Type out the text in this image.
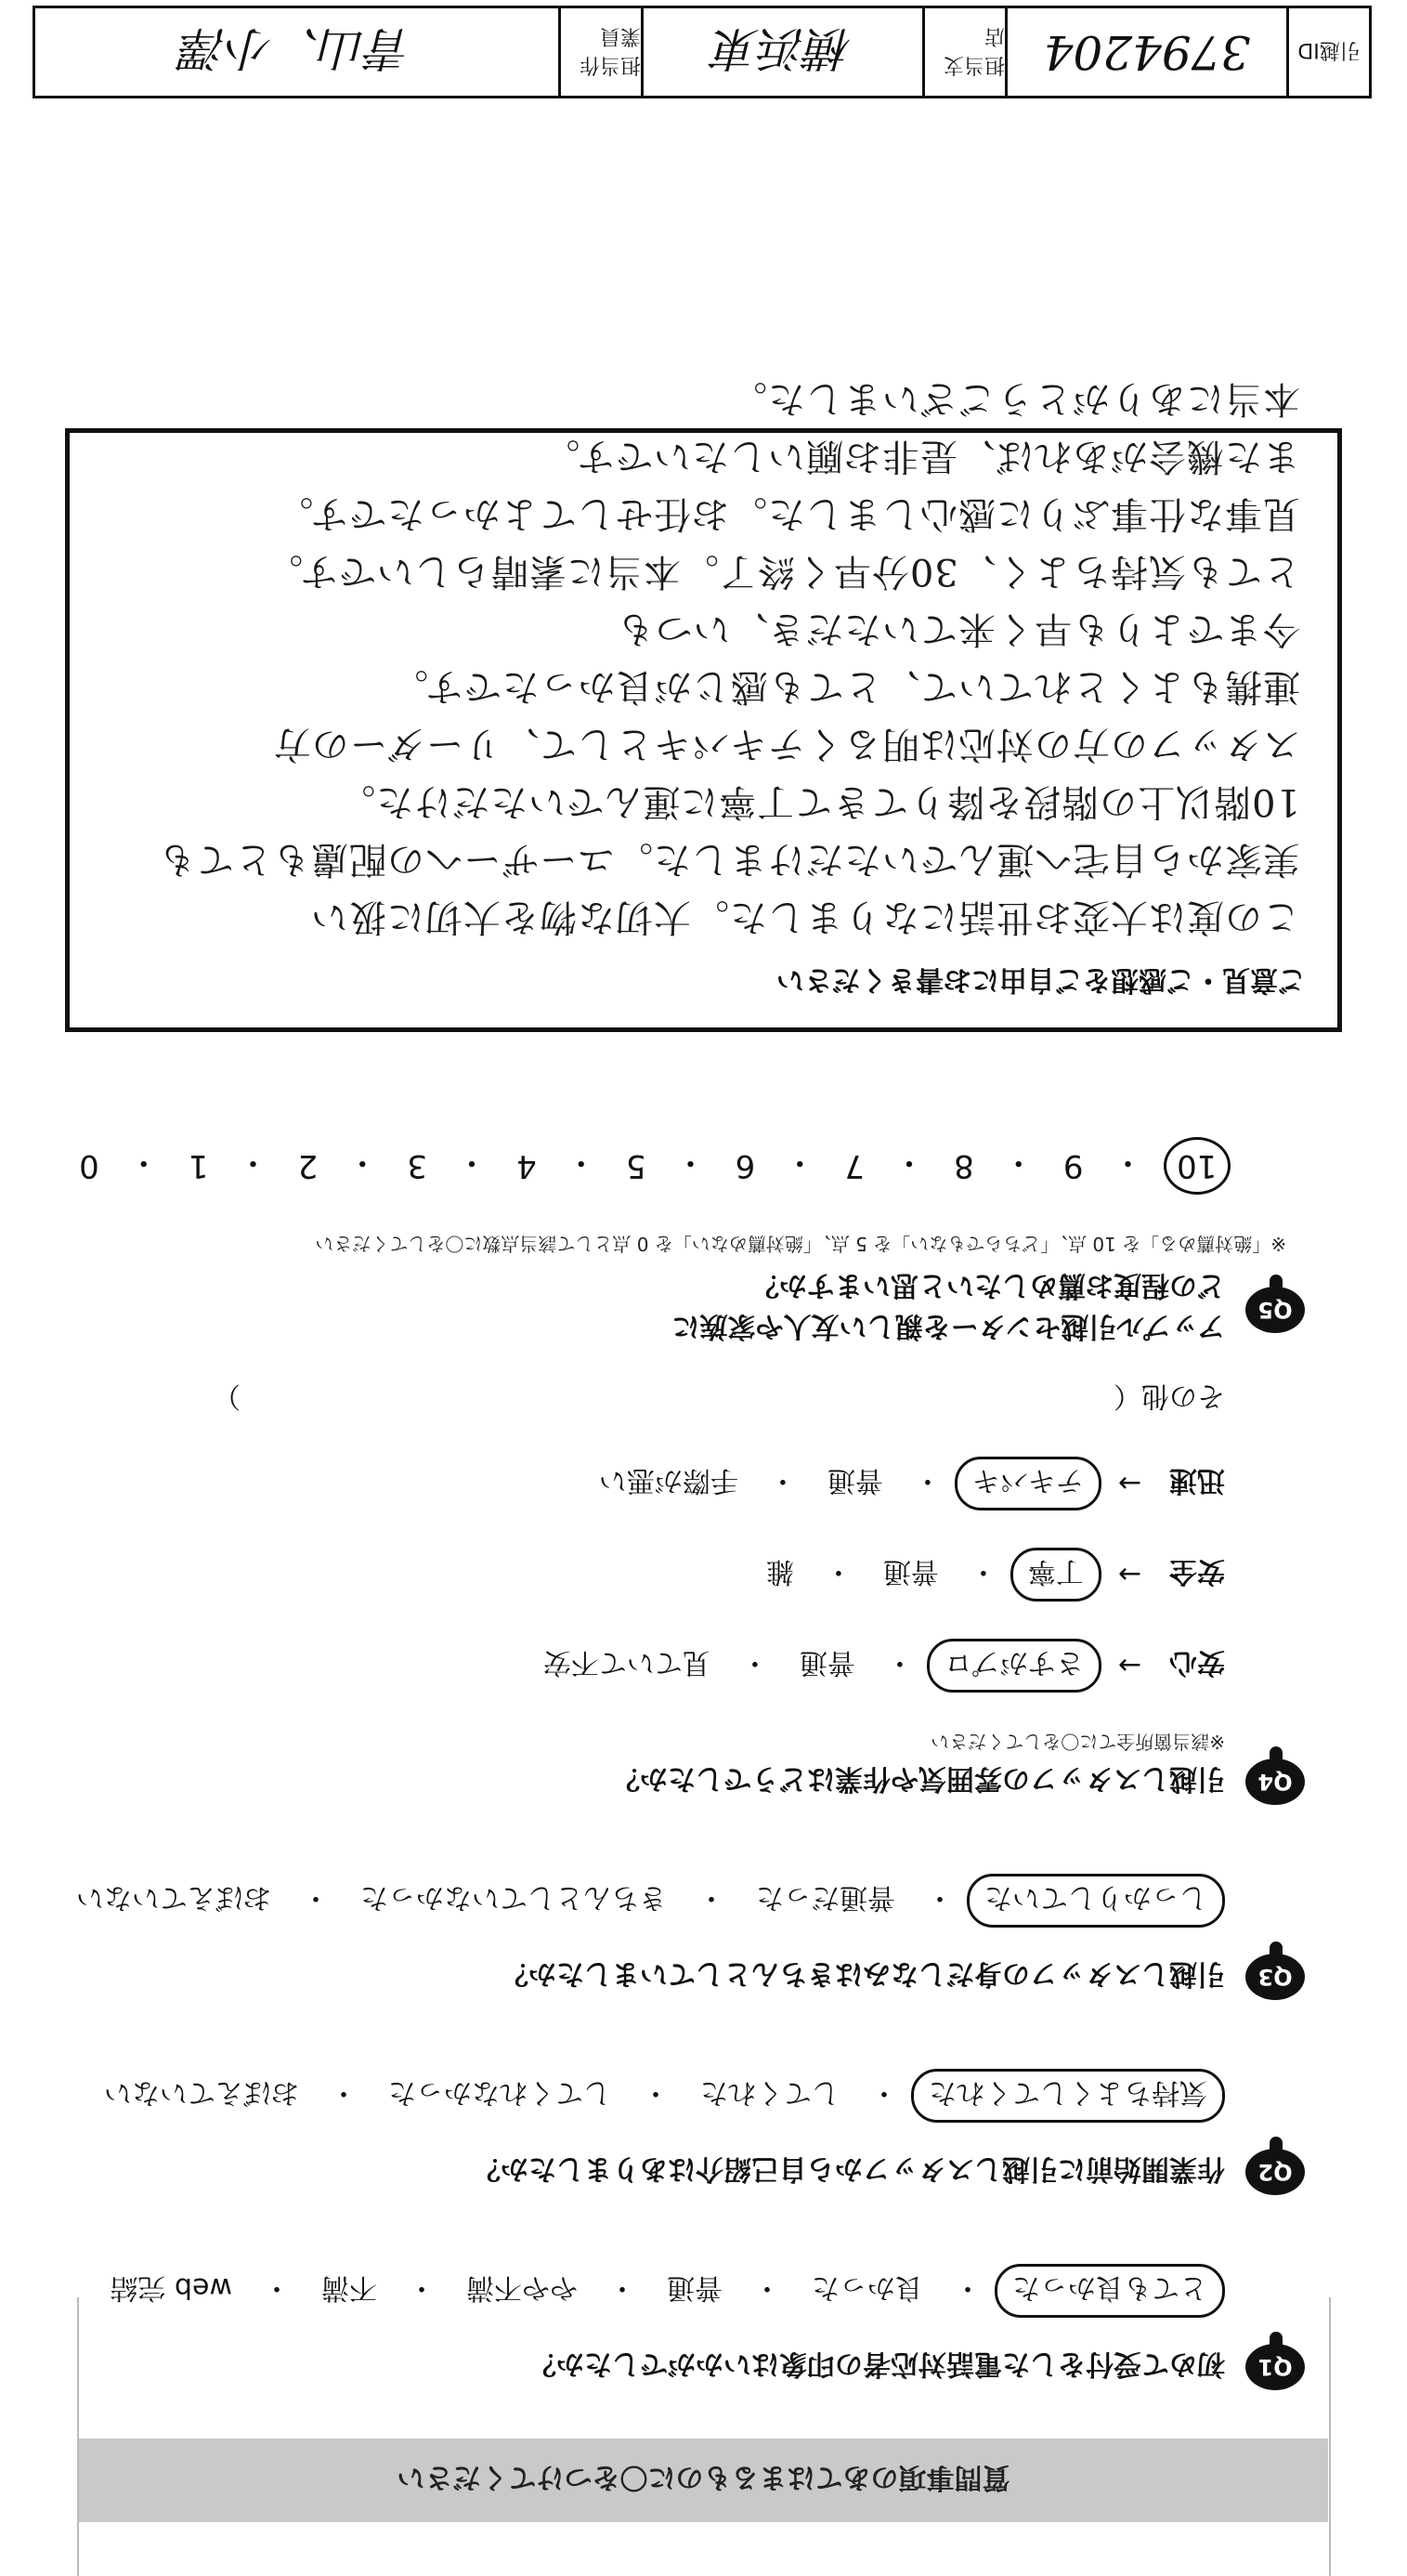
質問事項のあてはまるものに〇をつけてください
Q1
初めて受付をした電話対応者の印象はいかがでしたか？
とても良かった
・
良かった
・
普通
・
やや不満
・
不満
・
web 完結
Q2
作業開始前に引越しスタッフから自己紹介はありましたか？
気持ちよくしてくれた
・
してくれた
・
してくれなかった
・
おぼえていない
Q3
引越しスタッフの身だしなみはきちんとしていましたか？
しっかりしていた
・
普通だった
・
きちんとしていなかった
・
おぼえていない
Q4
引越しスタッフの雰囲気や作業はどうでしたか？
※該当箇所全てに〇をしてください
安心
→
さすがプロ
・
普通
・
見ていて不安
安全
→
丁寧
・
普通
・
雑
迅速
→
テキパキ
・
普通
・
手際が悪い
その他（
）
Q5
アップル引越センターを親しい友人や家族に
どの程度お薦めしたいと思いますか？
※「絶対薦める」を 10 点、「どちらでもない」を 5 点、「絶対薦めない」を 0 点として該当点数に〇をしてください
10
・
9
・
8
・
7
・
6
・
5
・
4
・
3
・
2
・
1
・
0
ご意見・ご感想をご自由にお書きください

この度は大変お世話になりました。大切な物を大切に扱い

実家から自宅へ運んでいただけました。ユーザーへの配慮もとても

10階以上の階段を降りてきて丁寧に運んでいただけた。

スタッフの方の対応は明るくテキパキとして、リーダーの方

連携もよくとれていて、とても感じが良かったです。

今までよりも早く来ていただき、いつも

とても気持ちよく、30分早く終了。本当に素晴らしいです。

見事な仕事ぶりに感心しました。お任せしてよかったです。

また機会があれば、是非お願いしたいです。

本当にありがとうございました。

引越ID
3794204
担当支店
横浜東
担当作業員
青山、小澤
